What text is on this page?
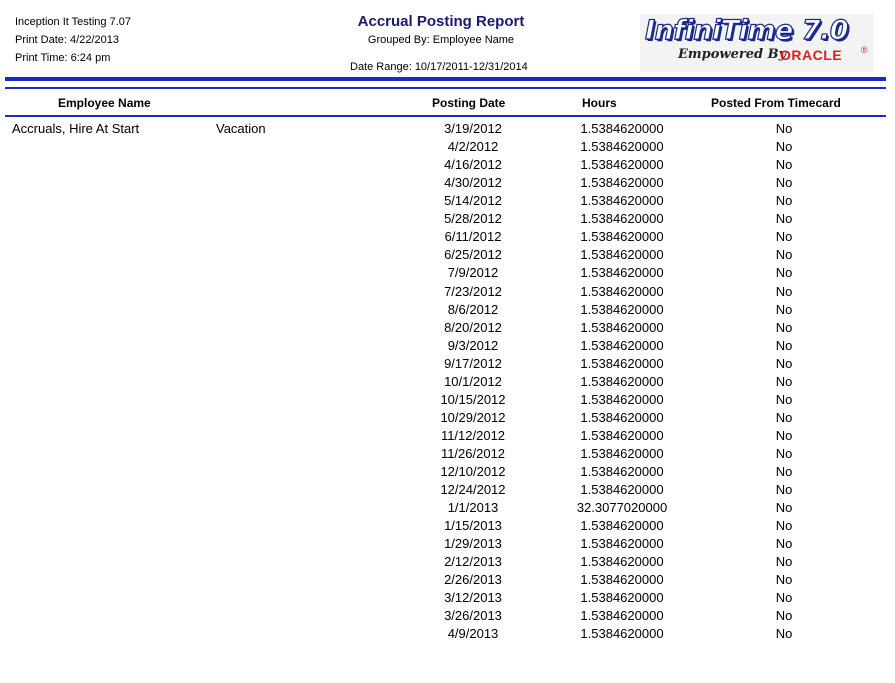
Inception It Testing 7.07
Print Date: 4/22/2013
Print Time: 6:24 pm
Accrual Posting Report
Grouped By: Employee Name
Date Range: 10/17/2011-12/31/2014
InfiniTime 7.0
Empowered By
ORACLE ®
Employee Name	Posting Date	Hours	Posted From Timecard
Accruals, Hire At Start	Vacation	3/19/2012	1.5384620000	No
4/2/2012	1.5384620000	No
4/16/2012	1.5384620000	No
4/30/2012	1.5384620000	No
5/14/2012	1.5384620000	No
5/28/2012	1.5384620000	No
6/11/2012	1.5384620000	No
6/25/2012	1.5384620000	No
7/9/2012	1.5384620000	No
7/23/2012	1.5384620000	No
8/6/2012	1.5384620000	No
8/20/2012	1.5384620000	No
9/3/2012	1.5384620000	No
9/17/2012	1.5384620000	No
10/1/2012	1.5384620000	No
10/15/2012	1.5384620000	No
10/29/2012	1.5384620000	No
11/12/2012	1.5384620000	No
11/26/2012	1.5384620000	No
12/10/2012	1.5384620000	No
12/24/2012	1.5384620000	No
1/1/2013	32.3077020000	No
1/15/2013	1.5384620000	No
1/29/2013	1.5384620000	No
2/12/2013	1.5384620000	No
2/26/2013	1.5384620000	No
3/12/2013	1.5384620000	No
3/26/2013	1.5384620000	No
4/9/2013	1.5384620000	No
